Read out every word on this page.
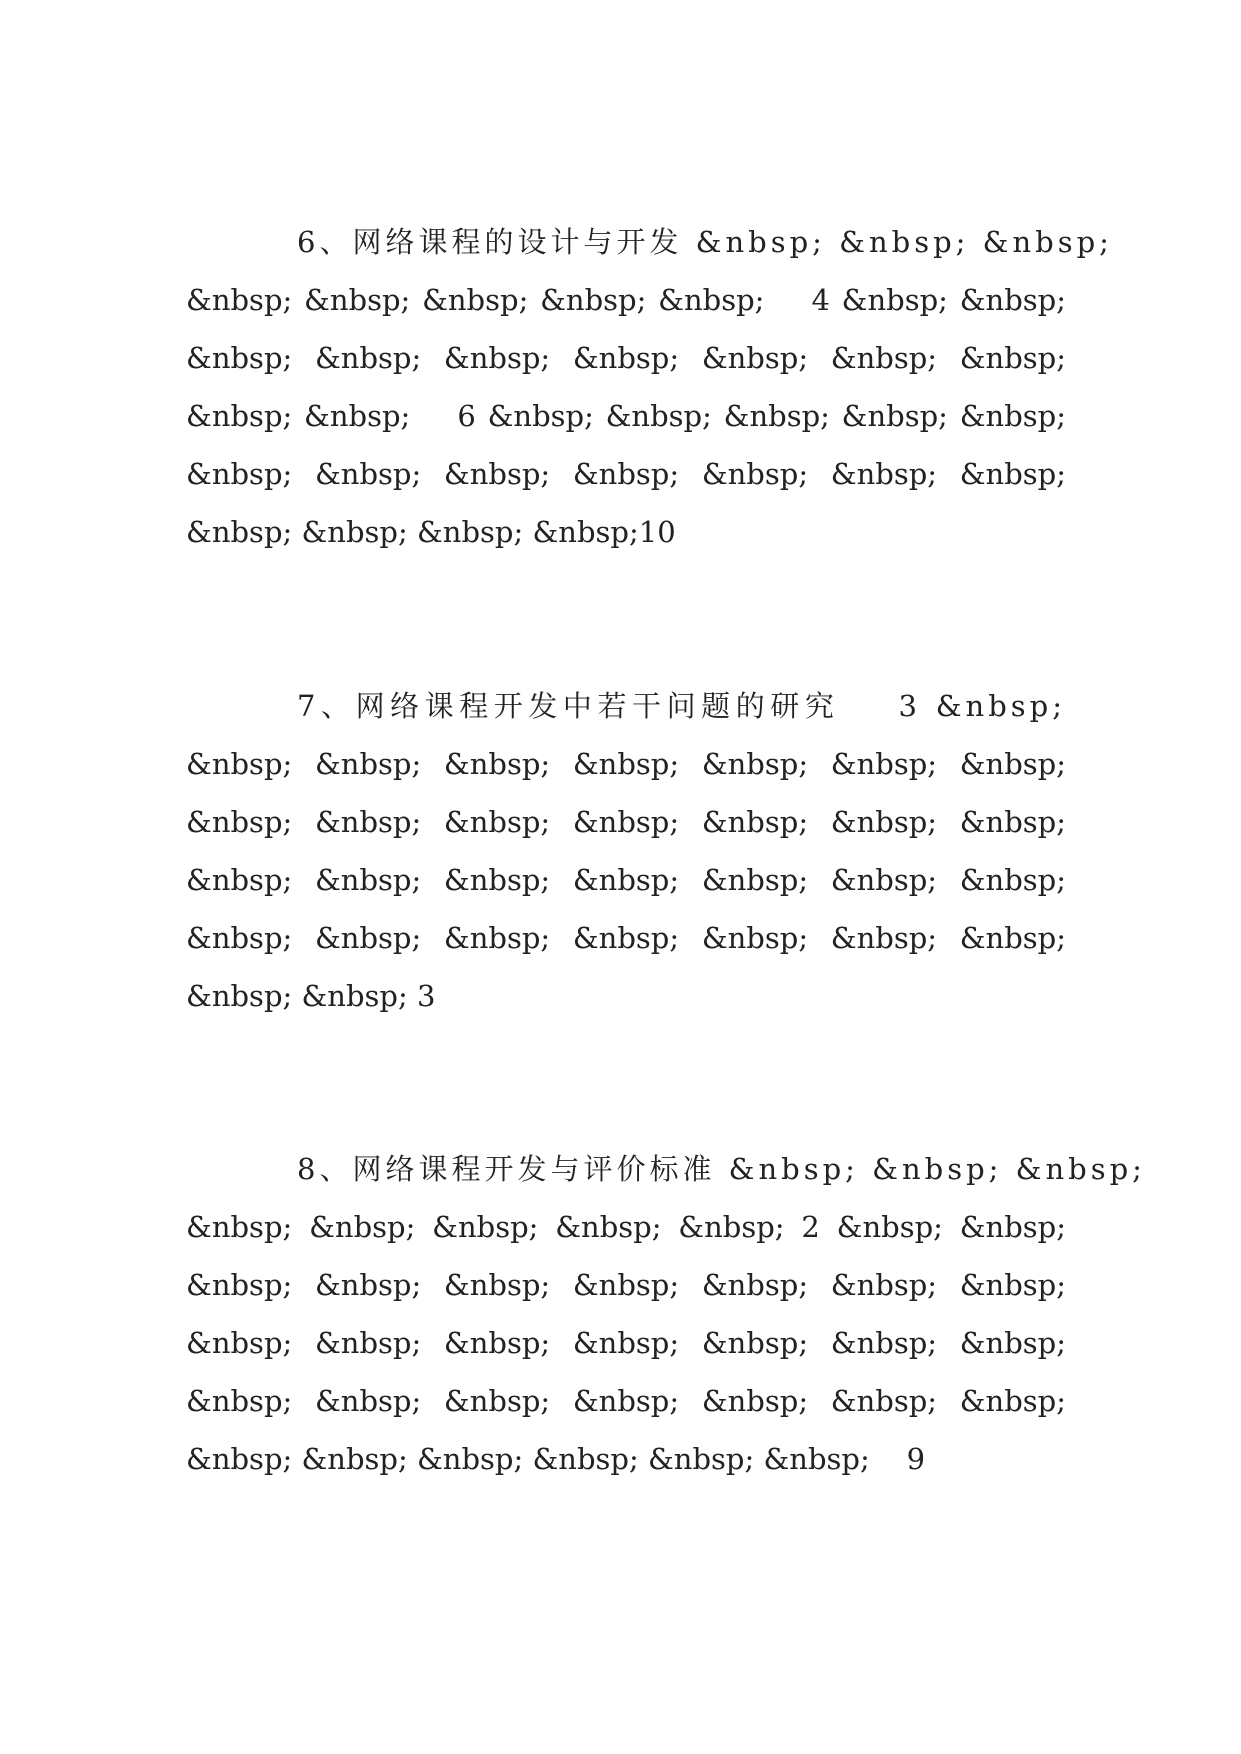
6、网络课程的设计与开发 &nbsp; &nbsp; &nbsp;

&nbsp; &nbsp; &nbsp; &nbsp; &nbsp;    4 &nbsp; &nbsp;

&nbsp; &nbsp; &nbsp; &nbsp; &nbsp; &nbsp; &nbsp;

&nbsp; &nbsp;    6 &nbsp; &nbsp; &nbsp; &nbsp; &nbsp;

&nbsp; &nbsp; &nbsp; &nbsp; &nbsp; &nbsp; &nbsp;

&nbsp; &nbsp; &nbsp; &nbsp;10

7、网络课程开发中若干问题的研究    3 &nbsp;

&nbsp; &nbsp; &nbsp; &nbsp; &nbsp; &nbsp; &nbsp;

&nbsp; &nbsp; &nbsp; &nbsp; &nbsp; &nbsp; &nbsp;

&nbsp; &nbsp; &nbsp; &nbsp; &nbsp; &nbsp; &nbsp;

&nbsp; &nbsp; &nbsp; &nbsp; &nbsp; &nbsp; &nbsp;

&nbsp; &nbsp; 3

8、网络课程开发与评价标准 &nbsp; &nbsp; &nbsp;

&nbsp; &nbsp; &nbsp; &nbsp; &nbsp; 2 &nbsp; &nbsp;

&nbsp; &nbsp; &nbsp; &nbsp; &nbsp; &nbsp; &nbsp;

&nbsp; &nbsp; &nbsp; &nbsp; &nbsp; &nbsp; &nbsp;

&nbsp; &nbsp; &nbsp; &nbsp; &nbsp; &nbsp; &nbsp;

&nbsp; &nbsp; &nbsp; &nbsp; &nbsp; &nbsp;    9
